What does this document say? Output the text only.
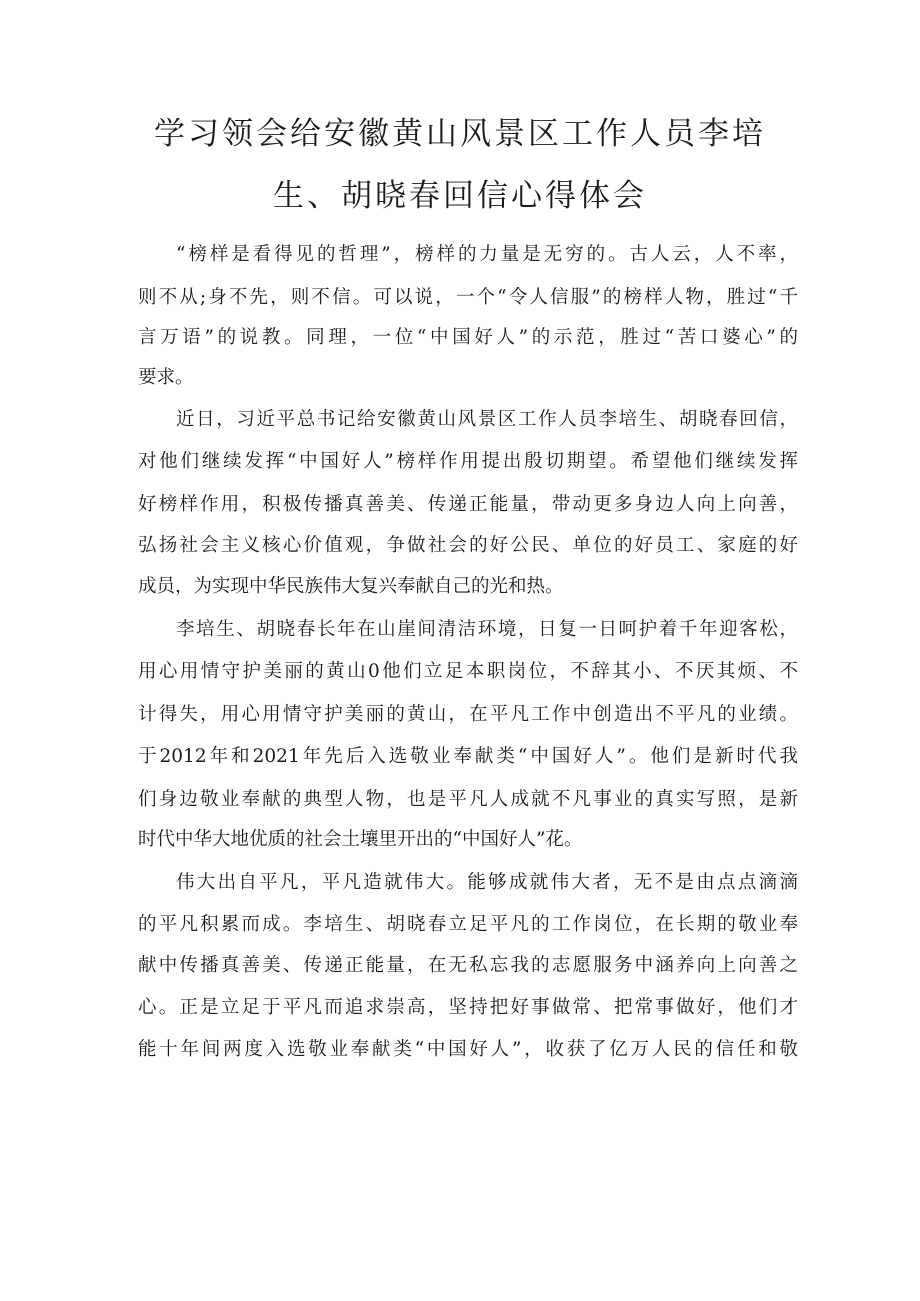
学习领会给安徽黄山风景区工作人员李培
生、胡晓春回信心得体会
“榜样是看得见的哲理”，榜样的力量是无穷的。古人云，人不率，
则不从;身不先，则不信。可以说，一个“令人信服”的榜样人物，胜过“千
言万语”的说教。同理，一位“中国好人”的示范，胜过“苦口婆心”的
要求。
近日，习近平总书记给安徽黄山风景区工作人员李培生、胡晓春回信，
对他们继续发挥“中国好人”榜样作用提出殷切期望。希望他们继续发挥
好榜样作用，积极传播真善美、传递正能量，带动更多身边人向上向善，
弘扬社会主义核心价值观，争做社会的好公民、单位的好员工、家庭的好
成员，为实现中华民族伟大复兴奉献自己的光和热。
李培生、胡晓春长年在山崖间清洁环境，日复一日呵护着千年迎客松，
用心用情守护美丽的黄山0他们立足本职岗位，不辞其小、不厌其烦、不
计得失，用心用情守护美丽的黄山，在平凡工作中创造出不平凡的业绩。
于2012年和2021年先后入选敬业奉献类“中国好人”。他们是新时代我
们身边敬业奉献的典型人物，也是平凡人成就不凡事业的真实写照，是新
时代中华大地优质的社会土壤里开出的“中国好人”花。
伟大出自平凡，平凡造就伟大。能够成就伟大者，无不是由点点滴滴
的平凡积累而成。李培生、胡晓春立足平凡的工作岗位，在长期的敬业奉
献中传播真善美、传递正能量，在无私忘我的志愿服务中涵养向上向善之
心。正是立足于平凡而追求崇高，坚持把好事做常、把常事做好，他们才
能十年间两度入选敬业奉献类“中国好人”，收获了亿万人民的信任和敬
